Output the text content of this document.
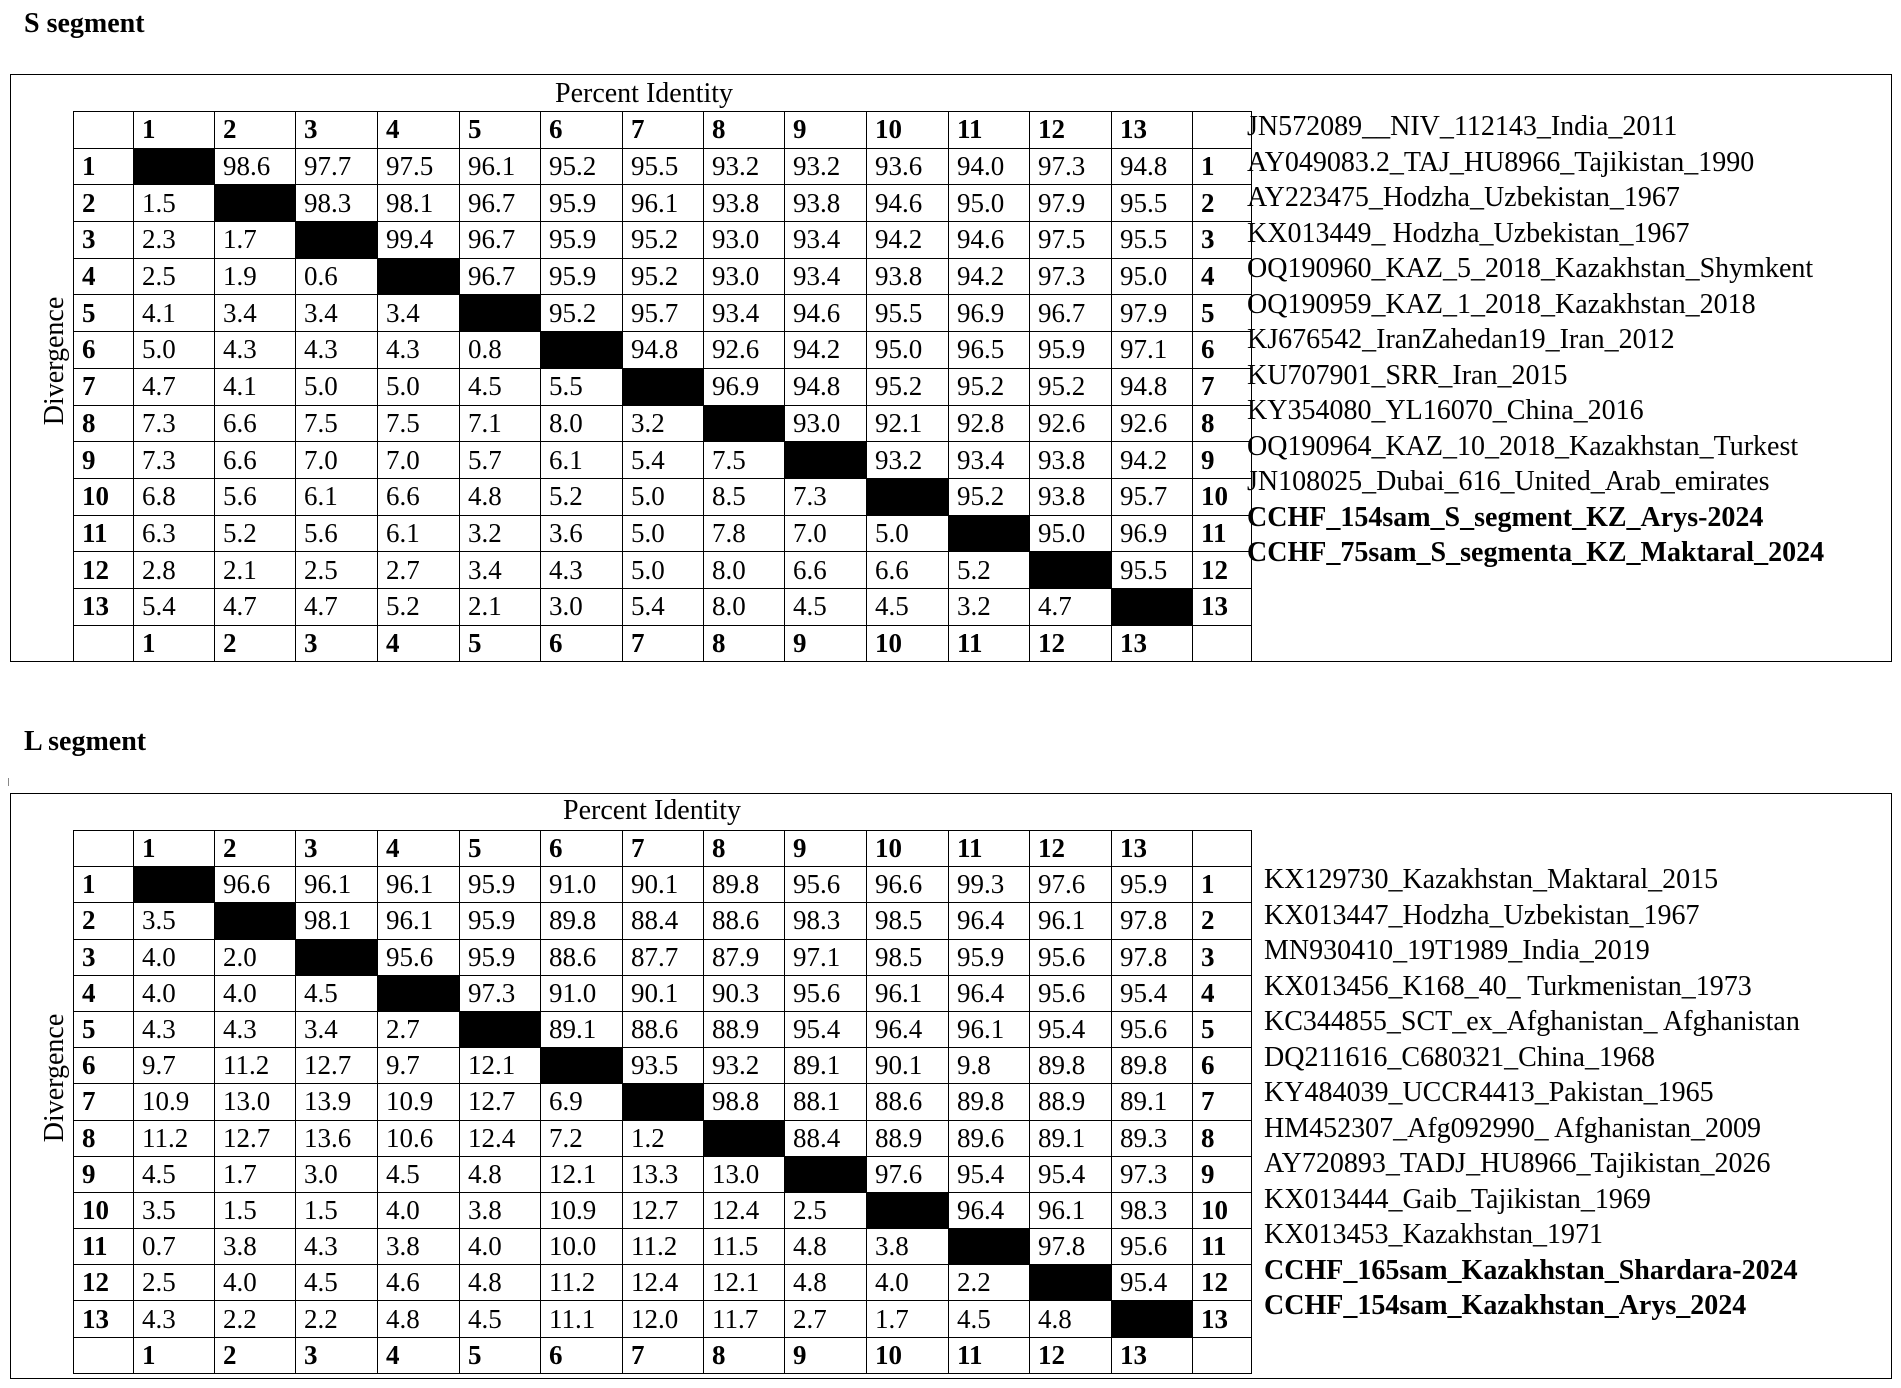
S segment
Percent Identity
Divergence
	1	2	3	4	5	6	7	8	9	10	11	12	13	
1		98.6	97.7	97.5	96.1	95.2	95.5	93.2	93.2	93.6	94.0	97.3	94.8	1
2	1.5		98.3	98.1	96.7	95.9	96.1	93.8	93.8	94.6	95.0	97.9	95.5	2
3	2.3	1.7		99.4	96.7	95.9	95.2	93.0	93.4	94.2	94.6	97.5	95.5	3
4	2.5	1.9	0.6		96.7	95.9	95.2	93.0	93.4	93.8	94.2	97.3	95.0	4
5	4.1	3.4	3.4	3.4		95.2	95.7	93.4	94.6	95.5	96.9	96.7	97.9	5
6	5.0	4.3	4.3	4.3	0.8		94.8	92.6	94.2	95.0	96.5	95.9	97.1	6
7	4.7	4.1	5.0	5.0	4.5	5.5		96.9	94.8	95.2	95.2	95.2	94.8	7
8	7.3	6.6	7.5	7.5	7.1	8.0	3.2		93.0	92.1	92.8	92.6	92.6	8
9	7.3	6.6	7.0	7.0	5.7	6.1	5.4	7.5		93.2	93.4	93.8	94.2	9
10	6.8	5.6	6.1	6.6	4.8	5.2	5.0	8.5	7.3		95.2	93.8	95.7	10
11	6.3	5.2	5.6	6.1	3.2	3.6	5.0	7.8	7.0	5.0		95.0	96.9	11
12	2.8	2.1	2.5	2.7	3.4	4.3	5.0	8.0	6.6	6.6	5.2		95.5	12
13	5.4	4.7	4.7	5.2	2.1	3.0	5.4	8.0	4.5	4.5	3.2	4.7		13
	1	2	3	4	5	6	7	8	9	10	11	12	13	
JN572089__NIV_112143_India_2011
AY049083.2_TAJ_HU8966_Tajikistan_1990
AY223475_Hodzha_Uzbekistan_1967
KX013449_ Hodzha_Uzbekistan_1967
OQ190960_KAZ_5_2018_Kazakhstan_Shymkent
OQ190959_KAZ_1_2018_Kazakhstan_2018
KJ676542_IranZahedan19_Iran_2012
KU707901_SRR_Iran_2015
KY354080_YL16070_China_2016
OQ190964_KAZ_10_2018_Kazakhstan_Turkest
JN108025_Dubai_616_United_Arab_emirates
CCHF_154sam_S_segment_KZ_Arys-2024
CCHF_75sam_S_segmenta_KZ_Maktaral_2024
L segment
Percent Identity
Divergence
	1	2	3	4	5	6	7	8	9	10	11	12	13	
1		96.6	96.1	96.1	95.9	91.0	90.1	89.8	95.6	96.6	99.3	97.6	95.9	1
2	3.5		98.1	96.1	95.9	89.8	88.4	88.6	98.3	98.5	96.4	96.1	97.8	2
3	4.0	2.0		95.6	95.9	88.6	87.7	87.9	97.1	98.5	95.9	95.6	97.8	3
4	4.0	4.0	4.5		97.3	91.0	90.1	90.3	95.6	96.1	96.4	95.6	95.4	4
5	4.3	4.3	3.4	2.7		89.1	88.6	88.9	95.4	96.4	96.1	95.4	95.6	5
6	9.7	11.2	12.7	9.7	12.1		93.5	93.2	89.1	90.1	9.8	89.8	89.8	6
7	10.9	13.0	13.9	10.9	12.7	6.9		98.8	88.1	88.6	89.8	88.9	89.1	7
8	11.2	12.7	13.6	10.6	12.4	7.2	1.2		88.4	88.9	89.6	89.1	89.3	8
9	4.5	1.7	3.0	4.5	4.8	12.1	13.3	13.0		97.6	95.4	95.4	97.3	9
10	3.5	1.5	1.5	4.0	3.8	10.9	12.7	12.4	2.5		96.4	96.1	98.3	10
11	0.7	3.8	4.3	3.8	4.0	10.0	11.2	11.5	4.8	3.8		97.8	95.6	11
12	2.5	4.0	4.5	4.6	4.8	11.2	12.4	12.1	4.8	4.0	2.2		95.4	12
13	4.3	2.2	2.2	4.8	4.5	11.1	12.0	11.7	2.7	1.7	4.5	4.8		13
	1	2	3	4	5	6	7	8	9	10	11	12	13	
KX129730_Kazakhstan_Maktaral_2015
KX013447_Hodzha_Uzbekistan_1967
MN930410_19T1989_India_2019
KX013456_K168_40_ Turkmenistan_1973
KC344855_SCT_ex_Afghanistan_ Afghanistan
DQ211616_C680321_China_1968
KY484039_UCCR4413_Pakistan_1965
HM452307_Afg092990_ Afghanistan_2009
AY720893_TADJ_HU8966_Tajikistan_2026
KX013444_Gaib_Tajikistan_1969
KX013453_Kazakhstan_1971
CCHF_165sam_Kazakhstan_Shardara-2024
CCHF_154sam_Kazakhstan_Arys_2024
